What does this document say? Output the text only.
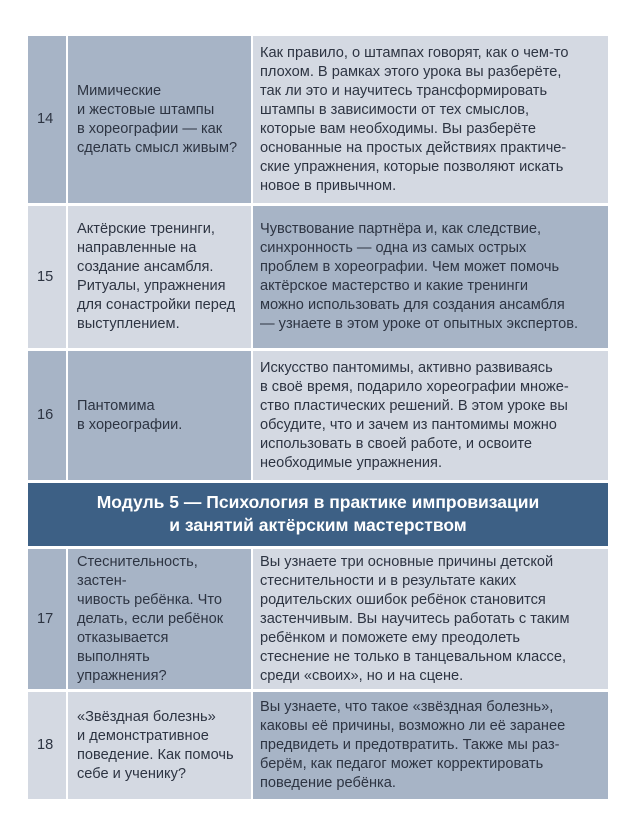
14
Мимические
и жестовые штампы
в хореографии — как
сделать смысл живым?
Как правило, о штампах говорят, как о чем-то
плохом. В рамках этого урока вы разберёте,
так ли это и научитесь трансформировать
штампы в зависимости от тех смыслов,
которые вам необходимы. Вы разберёте
основанные на простых действиях практиче-
ские упражнения, которые позволяют искать
новое в привычном.
15
Актёрские тренинги,
направленные на
создание ансамбля.
Ритуалы, упражнения
для сонастройки перед
выступлением.
Чувствование партнёра и, как следствие,
синхронность — одна из самых острых
проблем в хореографии. Чем может помочь
актёрское мастерство и какие тренинги
можно использовать для создания ансамбля
— узнаете в этом уроке от опытных экспертов.
16
Пантомима
в хореографии.
Искусство пантомимы, активно развиваясь
в своё время, подарило хореографии множе-
ство пластических решений. В этом уроке вы
обсудите, что и зачем из пантомимы можно
использовать в своей работе, и освоите
необходимые упражнения.
Модуль 5 — Психология в практике импровизации
и занятий актёрским мастерством
17
Стеснительность, застен-
чивость ребёнка. Что
делать, если ребёнок
отказывается выполнять
упражнения?
Вы узнаете три основные причины детской
стеснительности и в результате каких
родительских ошибок ребёнок становится
застенчивым. Вы научитесь работать с таким
ребёнком и поможете ему преодолеть
стеснение не только в танцевальном классе,
среди «своих», но и на сцене.
18
«Звёздная болезнь»
и демонстративное
поведение. Как помочь
себе и ученику?
Вы узнаете, что такое «звёздная болезнь»,
каковы её причины, возможно ли её заранее
предвидеть и предотвратить. Также мы раз-
берём, как педагог может корректировать
поведение ребёнка.
